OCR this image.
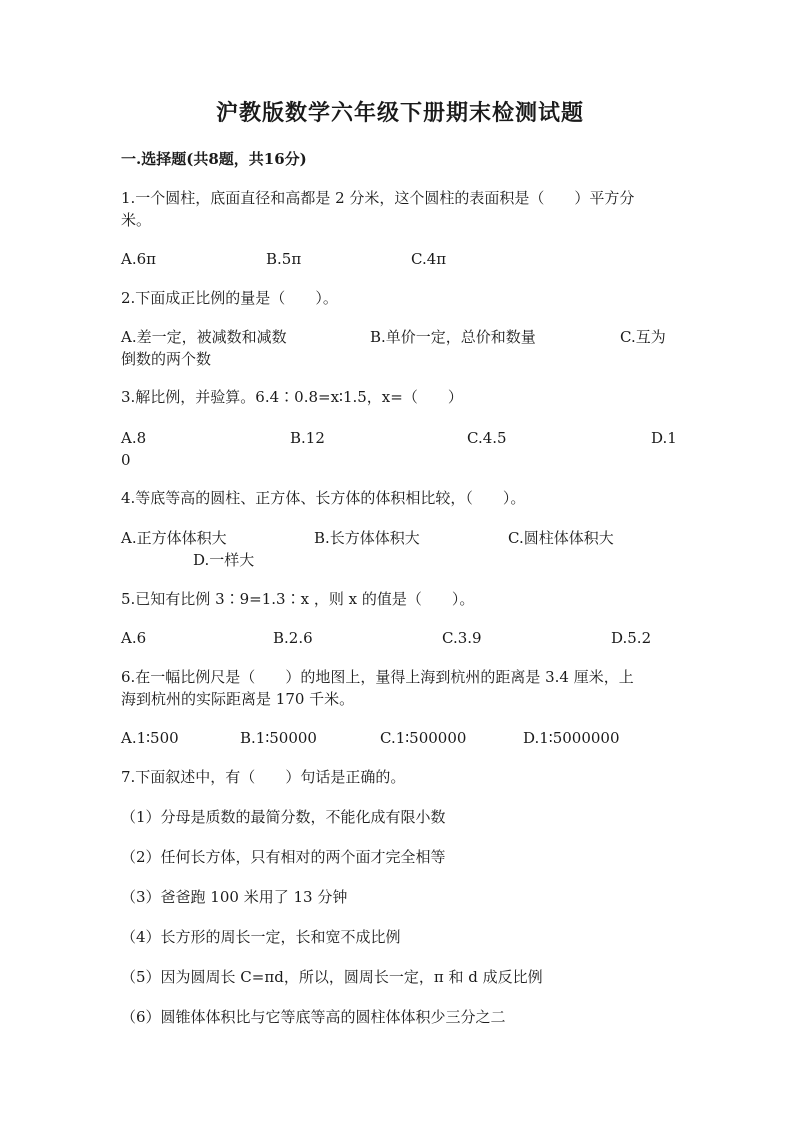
沪教版数学六年级下册期末检测试题
一.选择题(共8题，共16分)
1.一个圆柱，底面直径和高都是 2 分米，这个圆柱的表面积是（　　）平方分
米。
A.6π	B.5π	C.4π
2.下面成正比例的量是（　　）。
A.差一定，被减数和减数	B.单价一定，总价和数量	C.互为
倒数的两个数
3.解比例，并验算。6.4∶0.8=x∶1.5，x=（　　）
A.8	B.12	C.4.5	D.1
0
4.等底等高的圆柱、正方体、长方体的体积相比较，（　　）。
A.正方体体积大	B.长方体体积大	C.圆柱体体积大
D.一样大
5.已知有比例 3∶9=1.3∶x ，则 x 的值是（　　）。
A.6	B.2.6	C.3.9	D.5.2
6.在一幅比例尺是（　　）的地图上，量得上海到杭州的距离是 3.4 厘米，上
海到杭州的实际距离是 170 千米。
A.1∶500	B.1∶50000	C.1∶500000	D.1∶5000000
7.下面叙述中，有（　　）句话是正确的。
（1）分母是质数的最简分数，不能化成有限小数
（2）任何长方体，只有相对的两个面才完全相等
（3）爸爸跑 100 米用了 13 分钟
（4）长方形的周长一定，长和宽不成比例
（5）因为圆周长 C=πd，所以，圆周长一定，π 和 d 成反比例
（6）圆锥体体积比与它等底等高的圆柱体体积少三分之二
